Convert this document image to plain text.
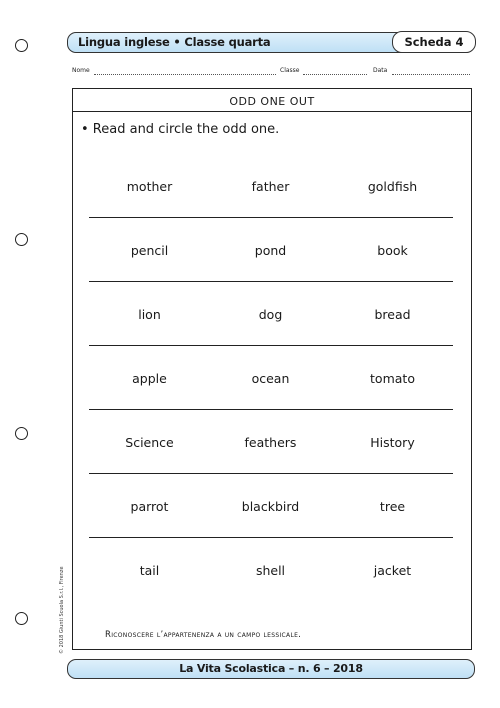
Lingua inglese • Classe quarta	Scheda 4
Nome	Classe	Data
ODD ONE OUT
• Read and circle the odd one.
mother	father	goldfish
pencil	pond	book
lion	dog	bread
apple	ocean	tomato
Science	feathers	History
parrot	blackbird	tree
tail	shell	jacket
Riconoscere l’appartenenza a un campo lessicale.
© 2018 Giunti Scuola S.r.l., Firenze
La Vita Scolastica – n. 6 – 2018
